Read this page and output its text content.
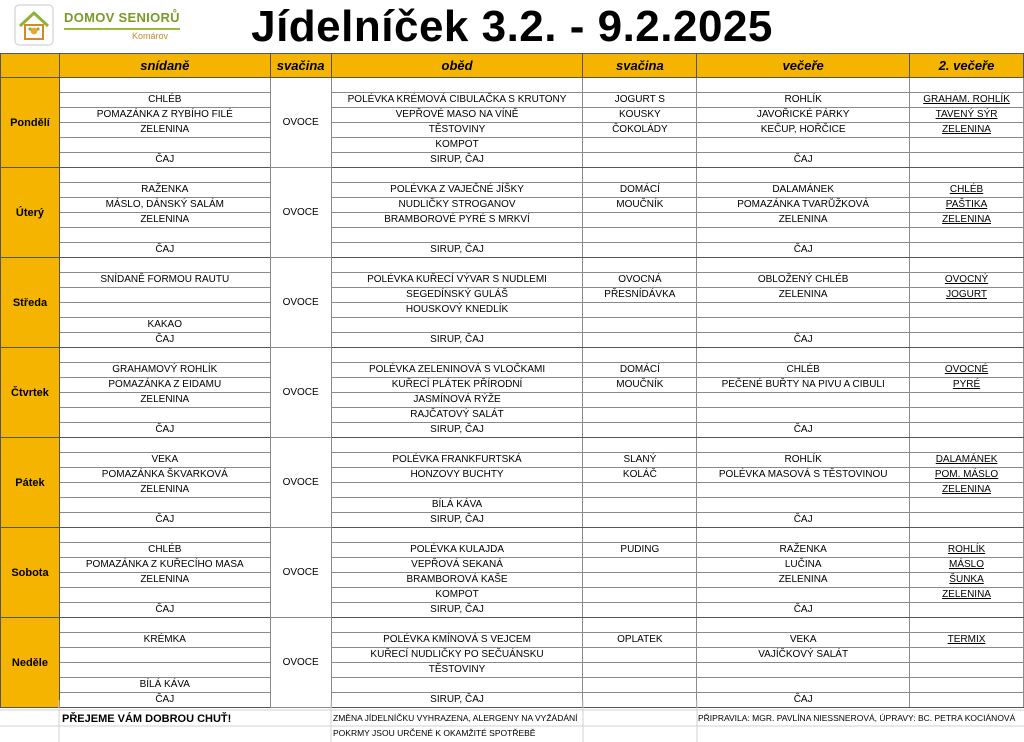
DOMOV SENIORŮ
Komárov	Jídelníček 3.2. - 9.2.2025
	snídaně	svačina	oběd	svačina	večeře	2. večeře
Pondělí		OVOCE				
	CHLÉB		POLÉVKA KRÉMOVÁ CIBULAČKA S KRUTONY	JOGURT S	ROHLÍK	GRAHAM. ROHLÍK
	POMAZÁNKA Z RYBÍHO FILÉ		VEPŘOVÉ MASO NA VÍNĚ	KOUSKY	JAVOŘICKÉ PÁRKY	TAVENÝ SÝR
	ZELENINA		TĚSTOVINY	ČOKOLÁDY	KEČUP, HOŘČICE	ZELENINA
			KOMPOT			
	ČAJ		SIRUP, ČAJ		ČAJ	
Úterý		OVOCE				
	RAŽENKA		POLÉVKA Z VAJEČNÉ JÍŠKY	DOMÁCÍ	DALAMÁNEK	CHLÉB
	MÁSLO, DÁNSKÝ SALÁM		NUDLIČKY STROGANOV	MOUČNÍK	POMAZÁNKA TVARŮŽKOVÁ	PAŠTIKA
	ZELENINA		BRAMBOROVÉ PYRÉ S MRKVÍ		ZELENINA	ZELENINA

	ČAJ		SIRUP, ČAJ		ČAJ	
Středa		OVOCE				
	SNÍDANĚ FORMOU RAUTU		POLÉVKA KUŘECÍ VÝVAR S NUDLEMI	OVOCNÁ	OBLOŽENÝ CHLÉB	OVOCNÝ
			SEGEDÍNSKÝ GULÁŠ	PŘESNÍDÁVKA	ZELENINA	JOGURT
			HOUSKOVÝ KNEDLÍK			
	KAKAO					
	ČAJ		SIRUP, ČAJ		ČAJ	
Čtvrtek		OVOCE				
	GRAHAMOVÝ ROHLÍK		POLÉVKA ZELENINOVÁ S VLOČKAMI	DOMÁCÍ	CHLÉB	OVOCNÉ
	POMAZÁNKA Z EIDAMU		KUŘECÍ PLÁTEK PŘÍRODNÍ	MOUČNÍK	PEČENÉ BUŘTY NA PIVU A CIBULI	PYRÉ
	ZELENINA		JASMÍNOVÁ RÝŽE			
			RAJČATOVÝ SALÁT			
	ČAJ		SIRUP, ČAJ		ČAJ	
Pátek		OVOCE				
	VEKA		POLÉVKA FRANKFURTSKÁ	SLANÝ	ROHLÍK	DALAMÁNEK
	POMAZÁNKA ŠKVARKOVÁ		HONZOVY BUCHTY	KOLÁČ	POLÉVKA MASOVÁ S TĚSTOVINOU	POM. MÁSLO
	ZELENINA					ZELENINA
			BÍLÁ KÁVA			
	ČAJ		SIRUP, ČAJ		ČAJ	
Sobota		OVOCE				
	CHLÉB		POLÉVKA KULAJDA	PUDING	RAŽENKA	ROHLÍK
	POMAZÁNKA Z KUŘECÍHO MASA		VEPŘOVÁ SEKANÁ		LUČINA	MÁSLO
	ZELENINA		BRAMBOROVÁ KAŠE		ZELENINA	ŠUNKA
			KOMPOT			ZELENINA
	ČAJ		SIRUP, ČAJ		ČAJ	
Neděle		OVOCE				
	KRÉMKA		POLÉVKA KMÍNOVÁ S VEJCEM	OPLATEK	VEKA	TERMIX
			KUŘECÍ NUDLIČKY PO SEČUÁNSKU		VAJÍČKOVÝ SALÁT	
			TĚSTOVINY			
	BÍLÁ KÁVA					
	ČAJ		SIRUP, ČAJ		ČAJ	
PŘEJEME VÁM DOBROU CHUŤ!	ZMĚNA JÍDELNÍČKU VYHRAZENA, ALERGENY NA VYŽÁDÁNÍ
POKRMY JSOU URČENÉ K OKAMŽITÉ SPOTŘEBĚ
PŘIPRAVILA: MGR. PAVLÍNA NIESSNEROVÁ, ÚPRAVY: BC. PETRA KOCIÁNOVÁ
